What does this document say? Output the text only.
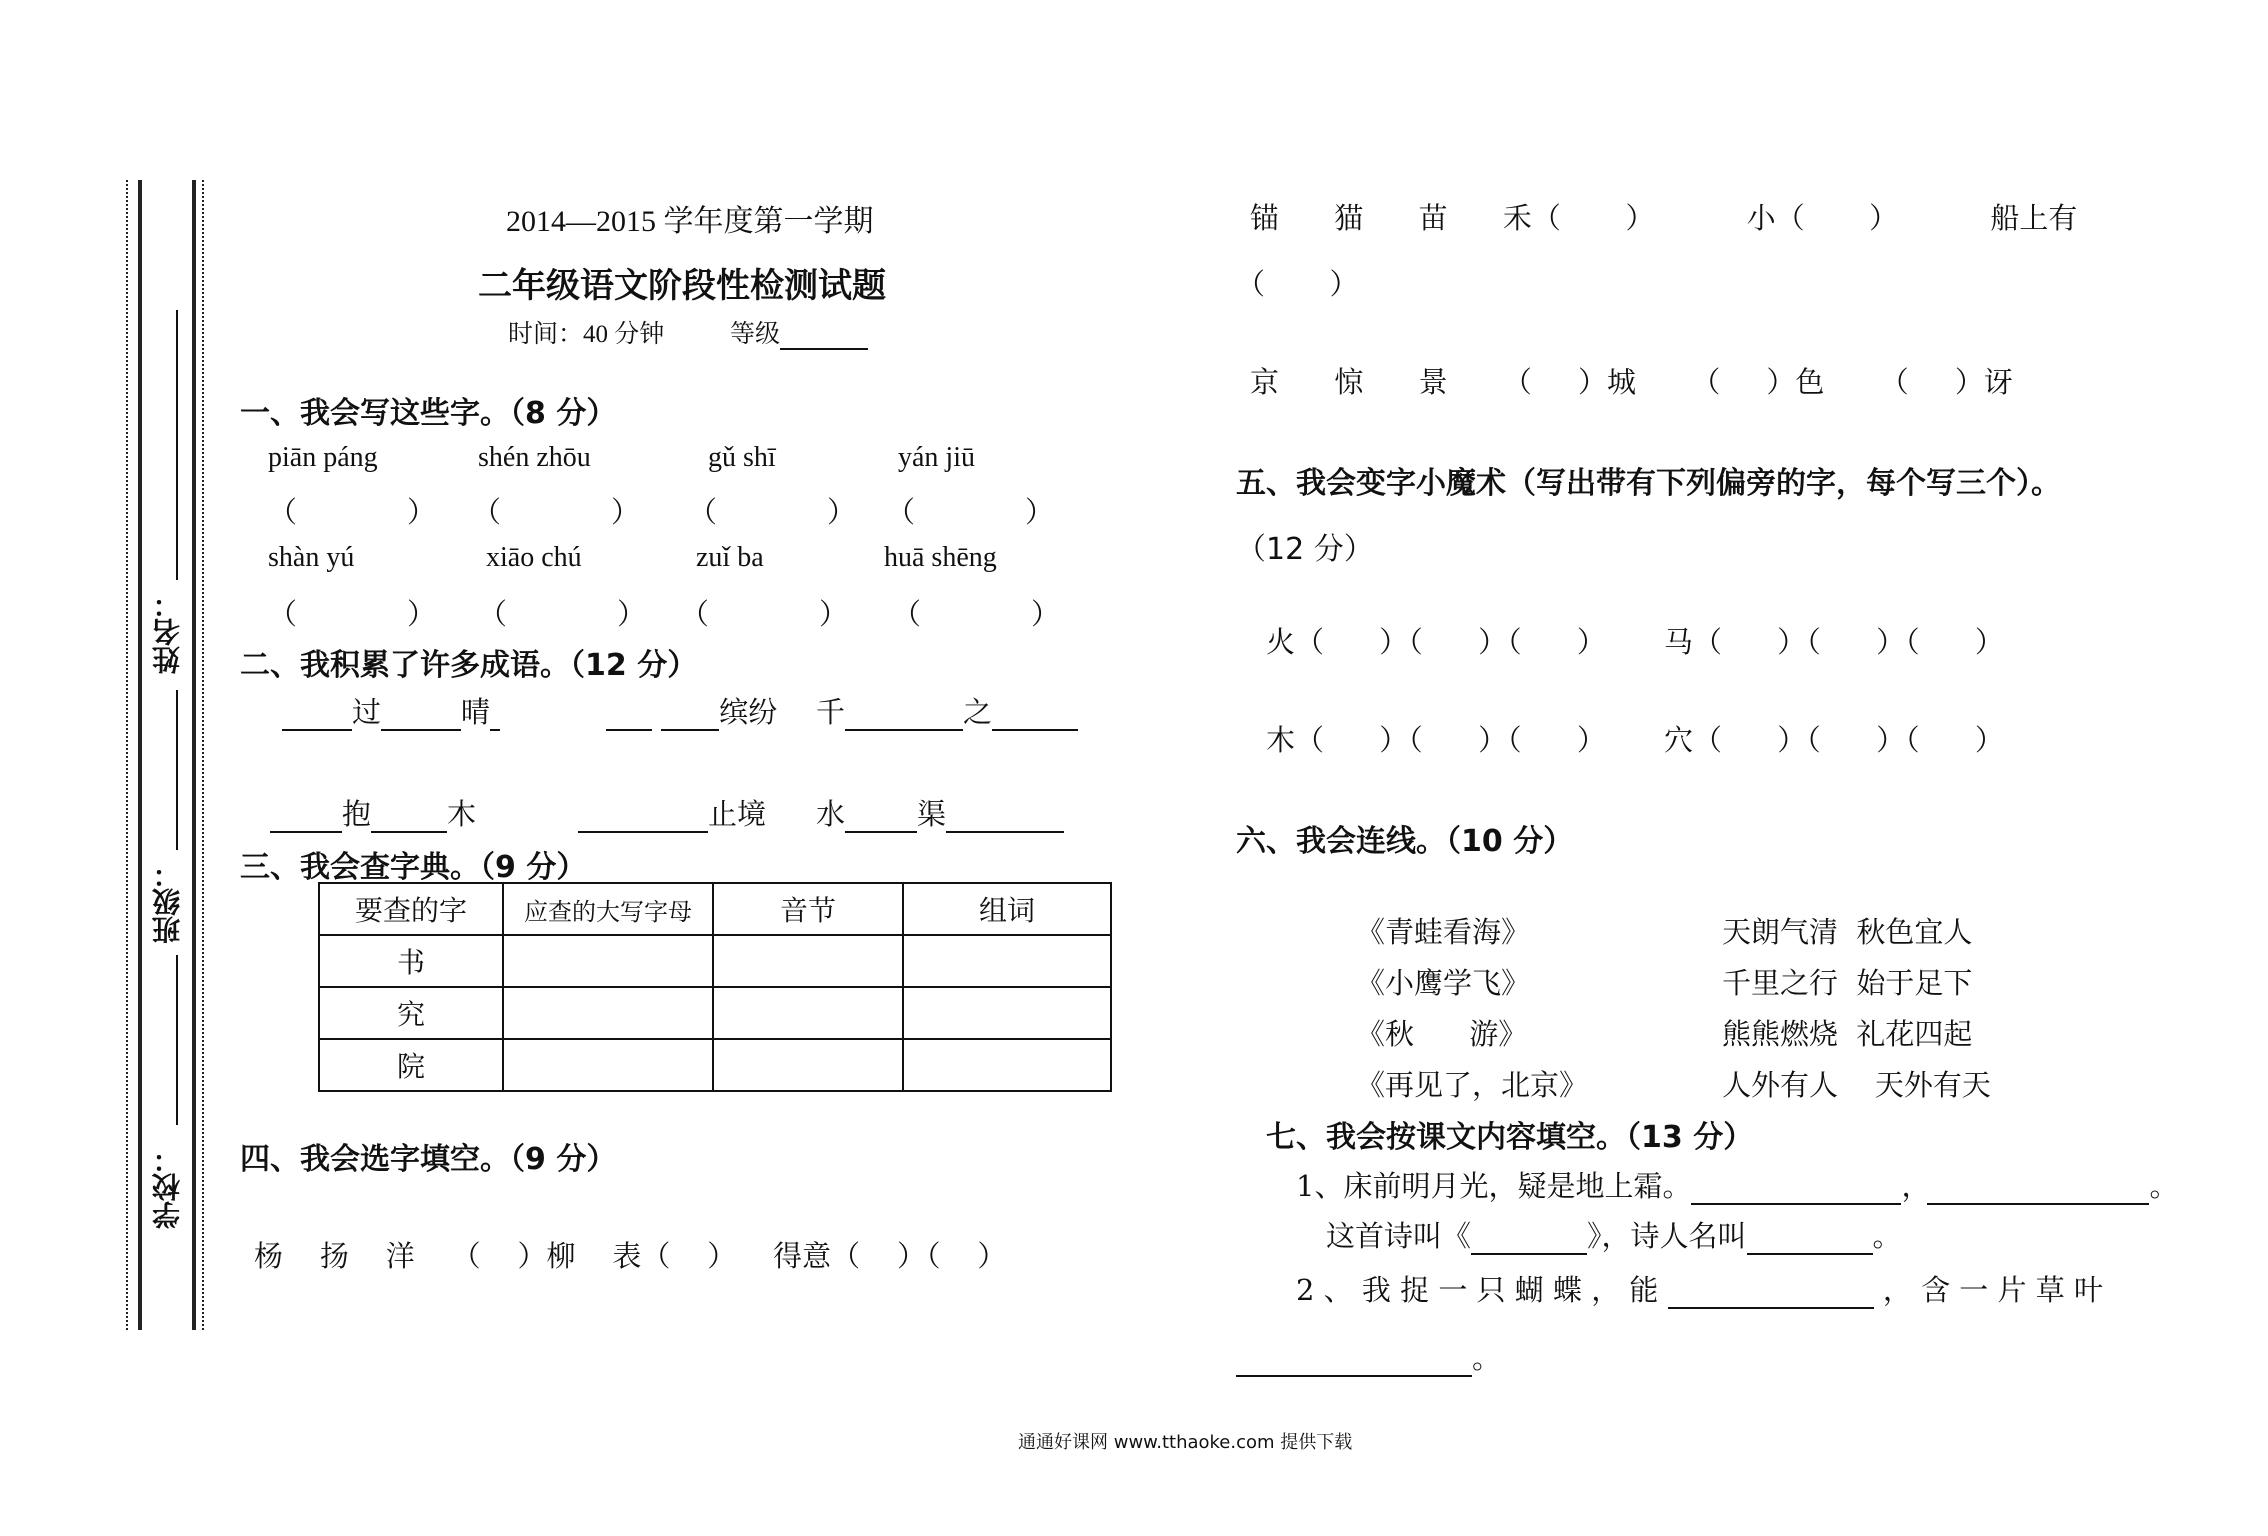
姓名：
班级：
学校：
2014—2015 学年度第一学期
二年级语文阶段性检测试题
时间：40 分钟	等级
一、我会写这些字。（8 分）
piān páng	shén zhōu	gǔ shī	yán jiū
（	） （	） （	） （	）
shàn yú	xiāo chú	zuǐ ba	huā shēng
（	） （	） （	） （	）
二、我积累了许多成语。（12 分）
过	晴	缤纷 千	之
抱	木	止境 水 渠
三、我会查字典。（9 分）
要查的字	应查的大写字母	音节	组词
书			
究			
院			
四、我会选字填空。（9 分）
杨    扬    洋    （    ）柳    表（    ）    得意（    ）（    ）
锚      猫      苗      禾（       ）          小（       ）          船上有
（       ）
京      惊      景      （     ）城      （     ）色      （     ）讶
五、我会变字小魔术（写出带有下列偏旁的字，每个写三个）。
（12 分）
火（      ）（      ）（      ） 马（      ）（      ）（      ）
木（      ）（      ）（      ） 穴（      ）（      ）（      ）
六、我会连线。（10 分）
《青蛙看海》
《小鹰学飞》
《秋      游》
《再见了，北京》
天朗气清  秋色宜人
千里之行  始于足下
熊熊燃烧  礼花四起
人外有人    天外有天
七、我会按课文内容填空。（13 分）
1、床前明月光，疑是地上霜。	，	。
这首诗叫《	》，诗人名叫	。
2 、 我 捉 一 只 蝴 蝶 ， 能	， 含 一 片 草 叶
。
通通好课网 www.tthaoke.com 提供下载
